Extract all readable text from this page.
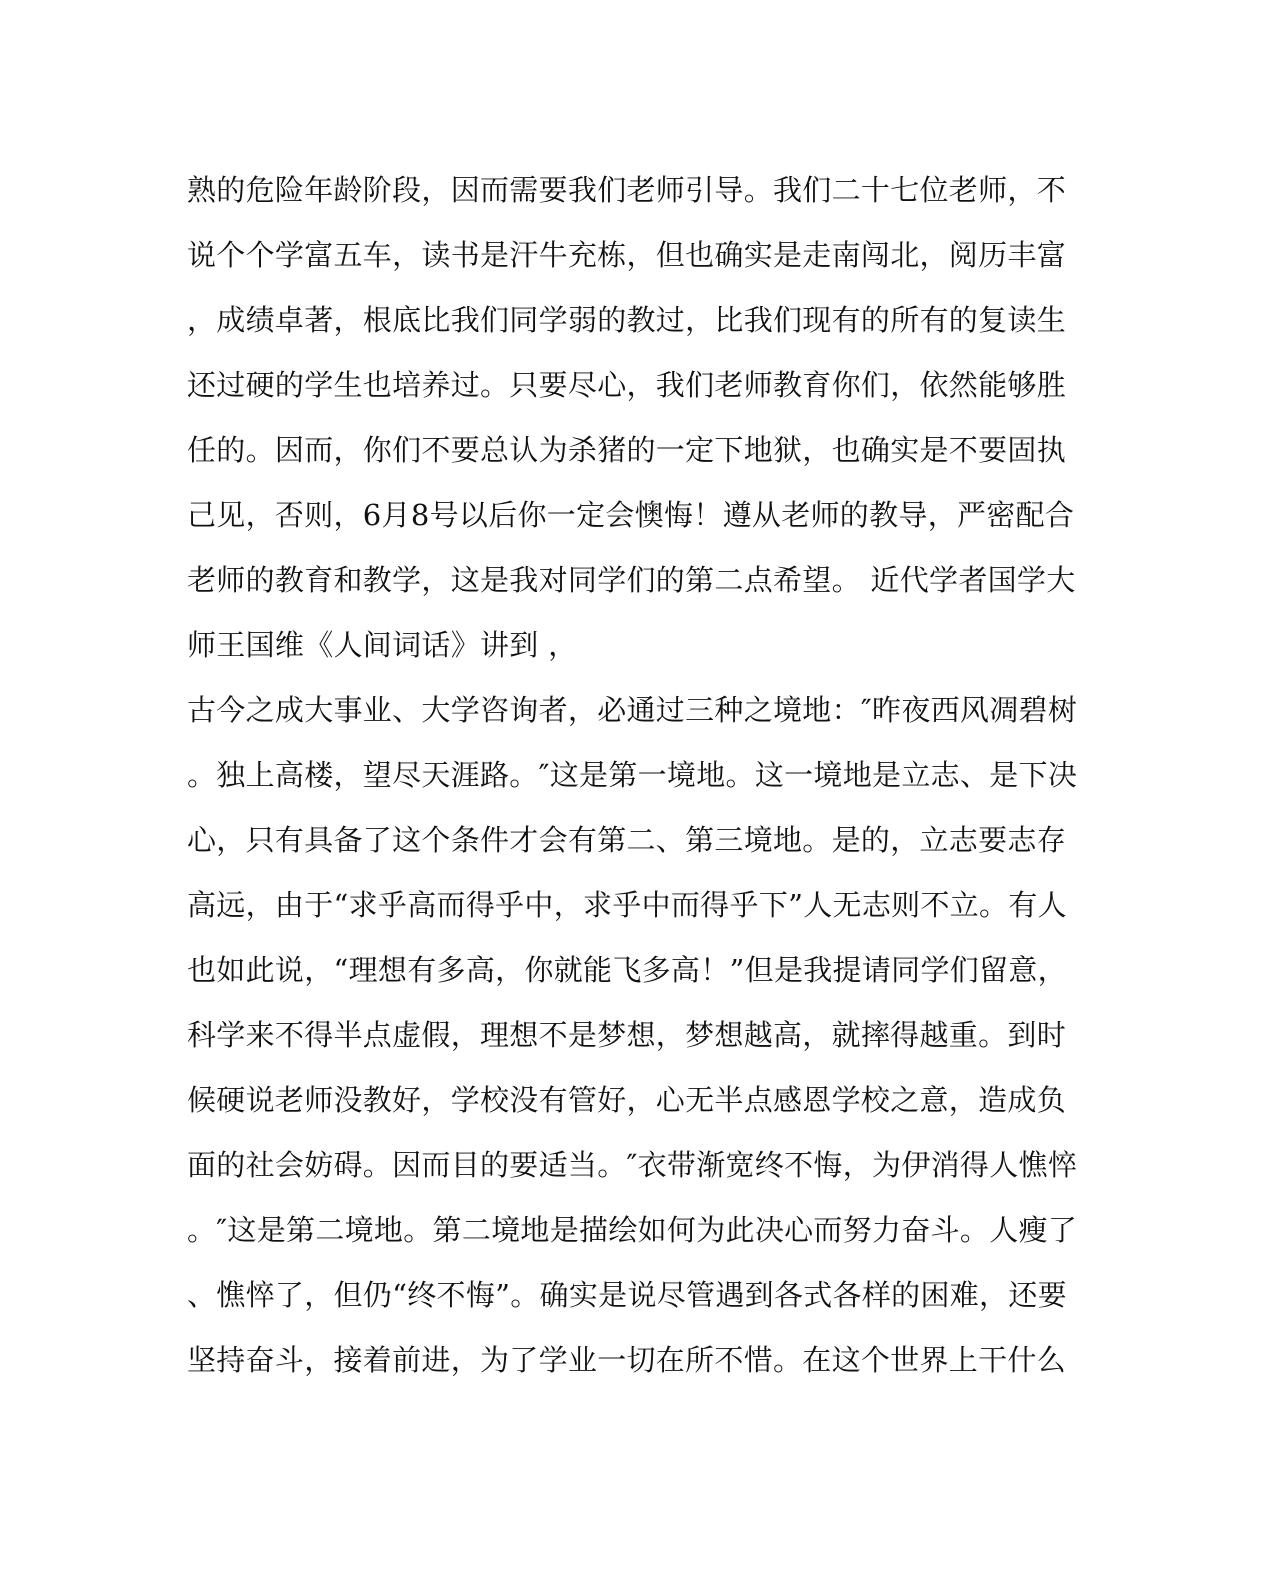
熟的危险年龄阶段，因而需要我们老师引导。我们二十七位老师，不
说个个学富五车，读书是汗牛充栋，但也确实是走南闯北，阅历丰富
，成绩卓著，根底比我们同学弱的教过，比我们现有的所有的复读生
还过硬的学生也培养过。只要尽心，我们老师教育你们，依然能够胜
任的。因而，你们不要总认为杀猪的一定下地狱，也确实是不要固执
己见，否则，6月8号以后你一定会懊悔！遵从老师的教导，严密配合
老师的教育和教学，这是我对同学们的第二点希望。 近代学者国学大
师王国维《人间词话》讲到 ，
古今之成大事业、大学咨询者，必通过三种之境地：″昨夜西风凋碧树
。独上高楼，望尽天涯路。″这是第一境地。这一境地是立志、是下决
心，只有具备了这个条件才会有第二、第三境地。是的，立志要志存
高远，由于“求乎高而得乎中，求乎中而得乎下”人无志则不立。有人
也如此说，“理想有多高，你就能飞多高！”但是我提请同学们留意，
科学来不得半点虚假，理想不是梦想，梦想越高，就摔得越重。到时
候硬说老师没教好，学校没有管好，心无半点感恩学校之意，造成负
面的社会妨碍。因而目的要适当。″衣带渐宽终不悔，为伊消得人憔悴
。″这是第二境地。第二境地是描绘如何为此决心而努力奋斗。人瘦了
、憔悴了，但仍“终不悔”。确实是说尽管遇到各式各样的困难，还要
坚持奋斗，接着前进，为了学业一切在所不惜。在这个世界上干什么
